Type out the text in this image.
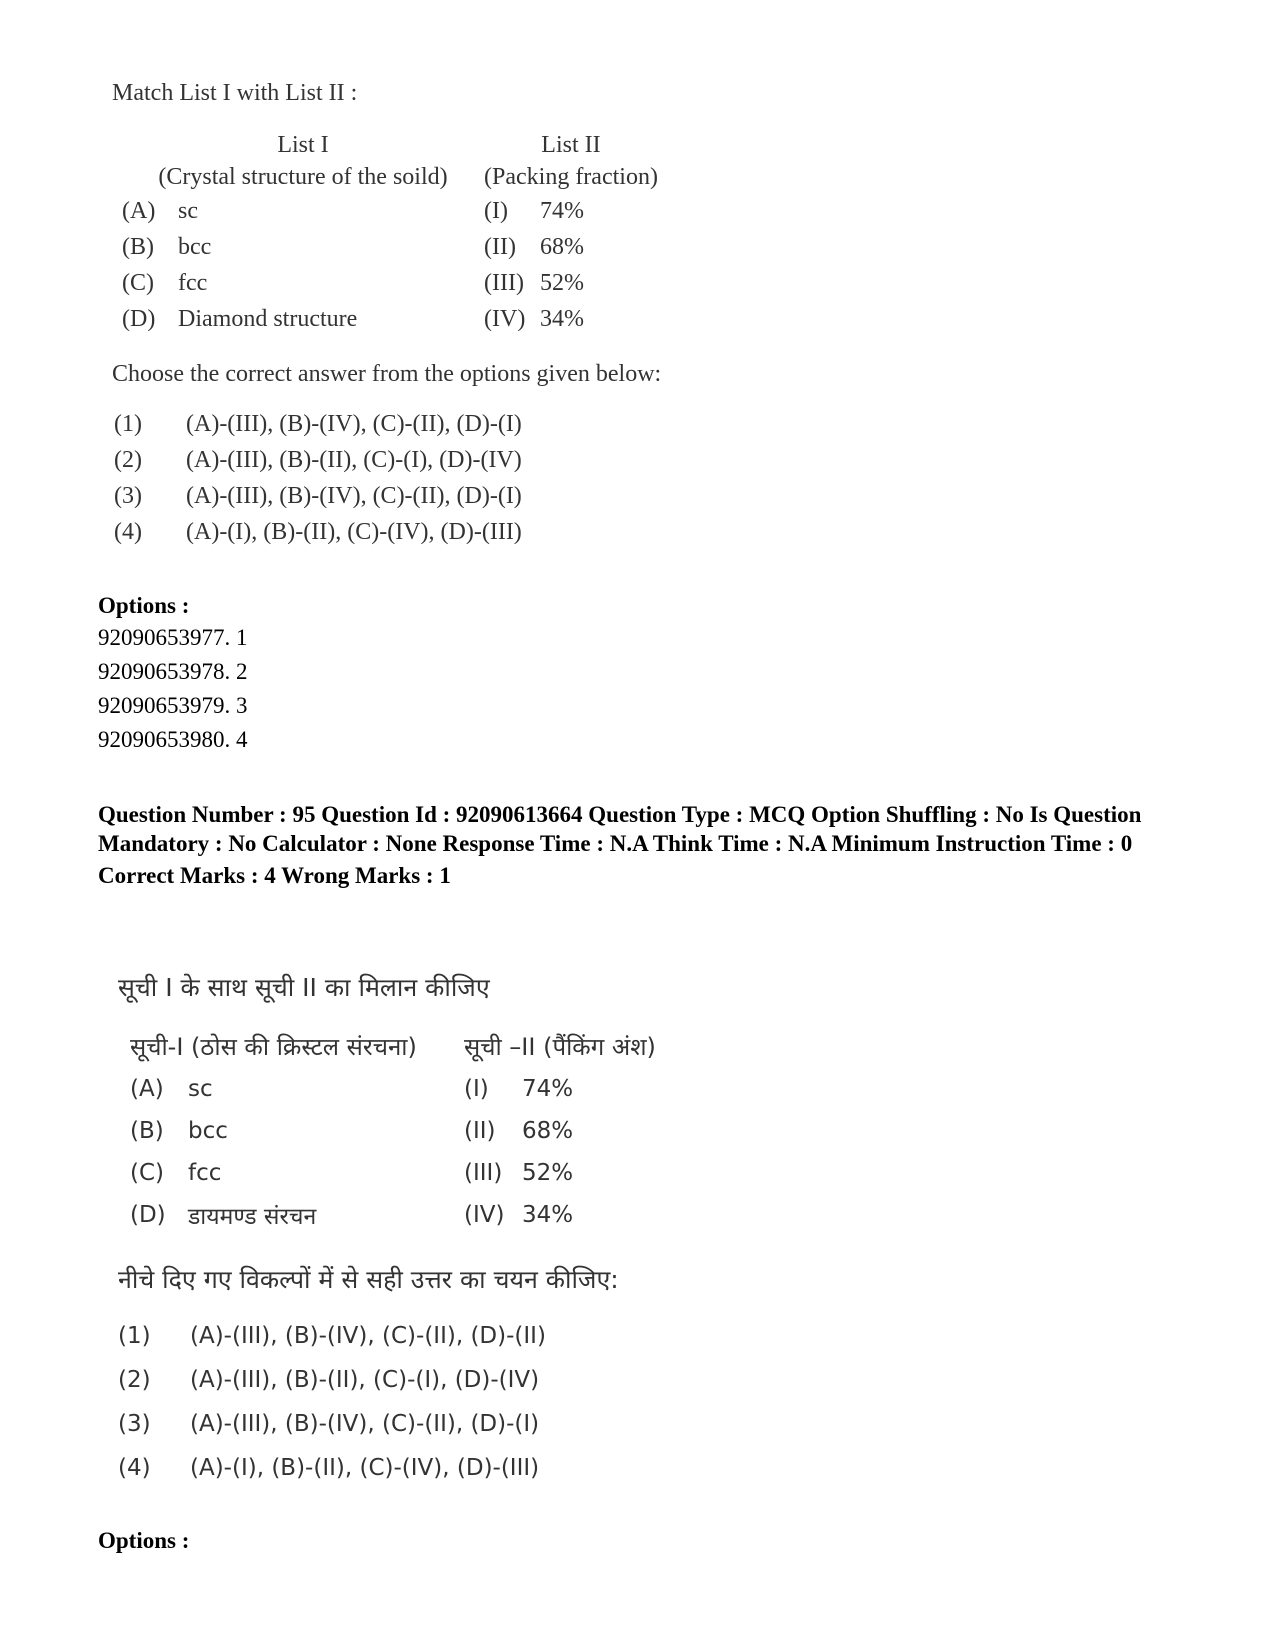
Match List I with List II :

List I		List II	
(Crystal structure of the soild)		(Packing fraction)	
(A)	sc	(I)	74%
(B)	bcc	(II)	68%
(C)	fcc	(III)	52%
(D)	Diamond structure	(IV)	34%

Choose the correct answer from the options given below:

(1)	(A)-(III), (B)-(IV), (C)-(II), (D)-(I)
(2)	(A)-(III), (B)-(II), (C)-(I), (D)-(IV)
(3)	(A)-(III), (B)-(IV), (C)-(II), (D)-(I)
(4)	(A)-(I), (B)-(II), (C)-(IV), (D)-(III)
Options :
92090653977. 1
92090653978. 2
92090653979. 3
92090653980. 4
Question Number : 95 Question Id : 92090613664 Question Type : MCQ Option Shuffling : No Is Question Mandatory : No Calculator : None Response Time : N.A Think Time : N.A Minimum Instruction Time : 0
Correct Marks : 4 Wrong Marks : 1

सूची I के साथ सूची II का मिलान कीजिए

सूची-I (ठोस की क्रिस्टल संरचना)		सूची –II (पैंकिंग अंश)	
(A)	sc	(I)	74%
(B)	bcc	(II)	68%
(C)	fcc	(III)	52%
(D)	डायमण्ड संरचन	(IV)	34%

नीचे दिए गए विकल्पों में से सही उत्तर का चयन कीजिए:

(1)	(A)-(III), (B)-(IV), (C)-(II), (D)-(II)
(2)	(A)-(III), (B)-(II), (C)-(I), (D)-(IV)
(3)	(A)-(III), (B)-(IV), (C)-(II), (D)-(I)
(4)	(A)-(I), (B)-(II), (C)-(IV), (D)-(III)
Options :
